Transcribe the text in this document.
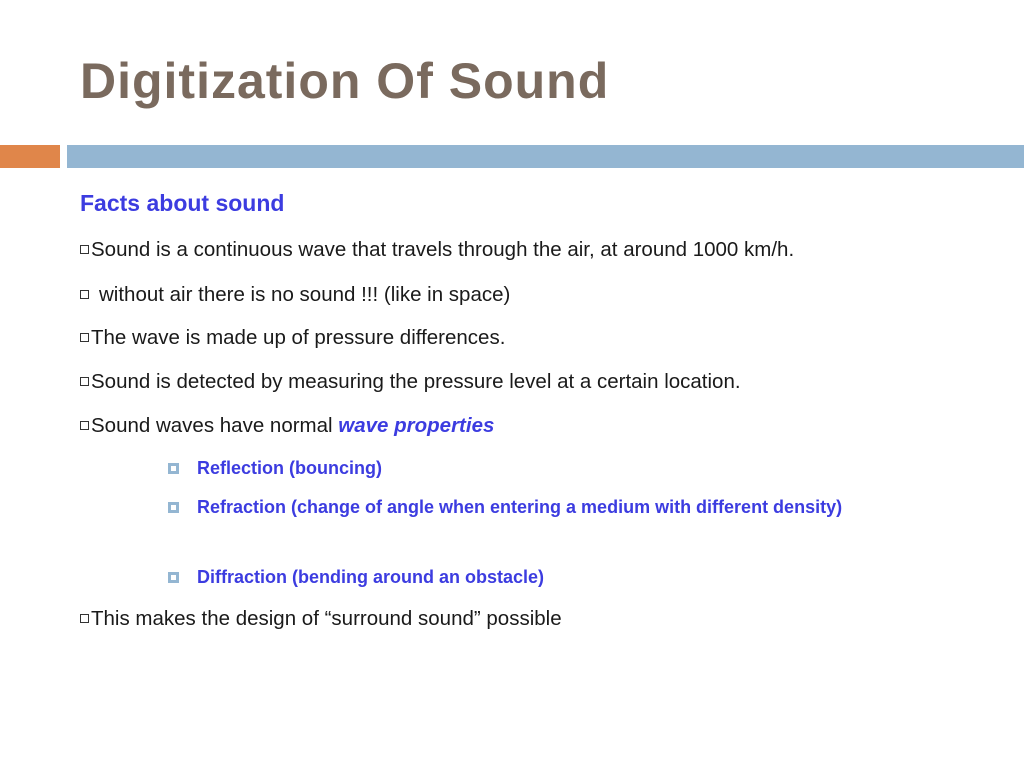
Digitization Of Sound
Facts about sound
Sound is a continuous wave that travels through the air, at around 1000 km/h.
without air there is no sound !!! (like in space)
The wave is made up of pressure differences.
Sound is detected by measuring the pressure level at a certain location.
Sound waves have normal wave properties
Reflection (bouncing)
Refraction (change of angle when entering a medium with different density)
Diffraction (bending around an obstacle)
This makes the design of “surround sound” possible
